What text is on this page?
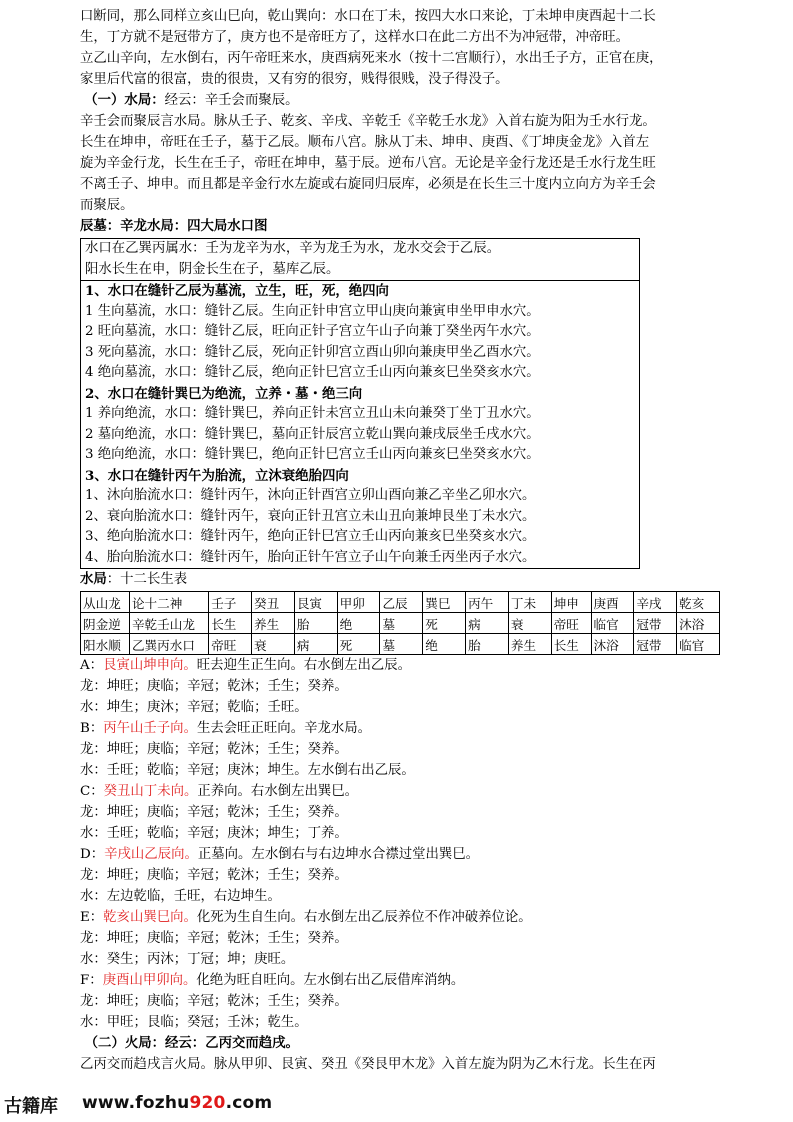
口断同，那么同样立亥山巳向，乾山巽向：水口在丁未，按四大水口来论，丁未坤申庚酉起十二长

生，丁方就不是冠带方了，庚方也不是帝旺方了，这样水口在此二方出不为冲冠带，冲帝旺。

立乙山辛向，左水倒右，丙午帝旺来水，庚酉病死来水（按十二宫顺行），水出壬子方，正官在庚，

家里后代富的很富，贵的很贵，又有穷的很穷，贱得很贱，没子得没子。

（一）水局：经云：辛壬会而聚辰。

辛壬会而聚辰言水局。脉从壬子、乾亥、辛戌、辛乾壬《辛乾壬水龙》入首右旋为阳为壬水行龙。

长生在坤申，帝旺在壬子，墓于乙辰。顺布八宫。脉从丁未、坤申、庚酉、《丁坤庚金龙》入首左

旋为辛金行龙，长生在壬子，帝旺在坤申，墓于辰。逆布八宫。无论是辛金行龙还是壬水行龙生旺

不离壬子、坤申。而且都是辛金行水左旋或右旋同归辰库，必须是在长生三十度内立向方为辛壬会

而聚辰。

辰墓：辛龙水局：四大局水口图

水口在乙巽丙属水：壬为龙辛为水，辛为龙壬为水，龙水交会于乙辰。

阳水长生在申，阴金长生在子，墓库乙辰。

1、水口在缝针乙辰为墓流，立生，旺，死，绝四向

1 生向墓流，水口：缝针乙辰。生向正针申宫立甲山庚向兼寅申坐甲申水穴。

2 旺向墓流，水口：缝针乙辰，旺向正针子宫立午山子向兼丁癸坐丙午水穴。

3 死向墓流，水口：缝针乙辰，死向正针卯宫立酉山卯向兼庚甲坐乙酉水穴。

4 绝向墓流，水口：缝针乙辰，绝向正针巳宫立壬山丙向兼亥巳坐癸亥水穴。

2、水口在缝针巽巳为绝流，立养・墓・绝三向

1 养向绝流，水口：缝针巽巳，养向正针未宫立丑山未向兼癸丁坐丁丑水穴。

2 墓向绝流，水口：缝针巽巳，墓向正针辰宫立乾山巽向兼戌辰坐壬戌水穴。

3 绝向绝流，水口：缝针巽巳，绝向正针巳宫立壬山丙向兼亥巳坐癸亥水穴。

3、水口在缝针丙午为胎流，立沐衰绝胎四向

1、沐向胎流水口：缝针丙午，沐向正针酉宫立卯山酉向兼乙辛坐乙卯水穴。

2、衰向胎流水口：缝针丙午，衰向正针丑宫立未山丑向兼坤艮坐丁未水穴。

3、绝向胎流水口：缝针丙午，绝向正针巳宫立壬山丙向兼亥巳坐癸亥水穴。

4、胎向胎流水口：缝针丙午，胎向正针午宫立子山午向兼壬丙坐丙子水穴。

水局：十二长生表

从山龙	论十二神	壬子	癸丑	艮寅	甲卯	乙辰	巽巳	丙午	丁未	坤申	庚酉	辛戌	乾亥
阴金逆	辛乾壬山龙	长生	养生	胎	绝	墓	死	病	衰	帝旺	临官	冠带	沐浴
阳水顺	乙巽丙水口	帝旺	衰	病	死	墓	绝	胎	养生	长生	沐浴	冠带	临官

A：艮寅山坤申向。旺去迎生正生向。右水倒左出乙辰。

龙：坤旺；庚临；辛冠；乾沐；壬生；癸养。

水：坤生；庚沐；辛冠；乾临；壬旺。

B：丙午山壬子向。生去会旺正旺向。辛龙水局。

龙：坤旺；庚临；辛冠；乾沐；壬生；癸养。

水：壬旺；乾临；辛冠；庚沐；坤生。左水倒右出乙辰。

C：癸丑山丁未向。正养向。右水倒左出巽巳。

龙：坤旺；庚临；辛冠；乾沐；壬生；癸养。

水：壬旺；乾临；辛冠；庚沐；坤生；丁养。

D：辛戌山乙辰向。正墓向。左水倒右与右边坤水合襟过堂出巽巳。

龙：坤旺；庚临；辛冠；乾沐；壬生；癸养。

水：左边乾临，壬旺，右边坤生。

E：乾亥山巽巳向。化死为生自生向。右水倒左出乙辰养位不作冲破养位论。

龙：坤旺；庚临；辛冠；乾沐；壬生；癸养。

水：癸生；丙沐；丁冠；坤；庚旺。

F：庚酉山甲卯向。化绝为旺自旺向。左水倒右出乙辰借库消纳。

龙：坤旺；庚临；辛冠；乾沐；壬生；癸养。

水：甲旺；艮临；癸冠；壬沐；乾生。

（二）火局：经云：乙丙交而趋戌。

乙丙交而趋戌言火局。脉从甲卯、艮寅、癸丑《癸艮甲木龙》入首左旋为阴为乙木行龙。长生在丙

古籍库 www.fozhu920.com
